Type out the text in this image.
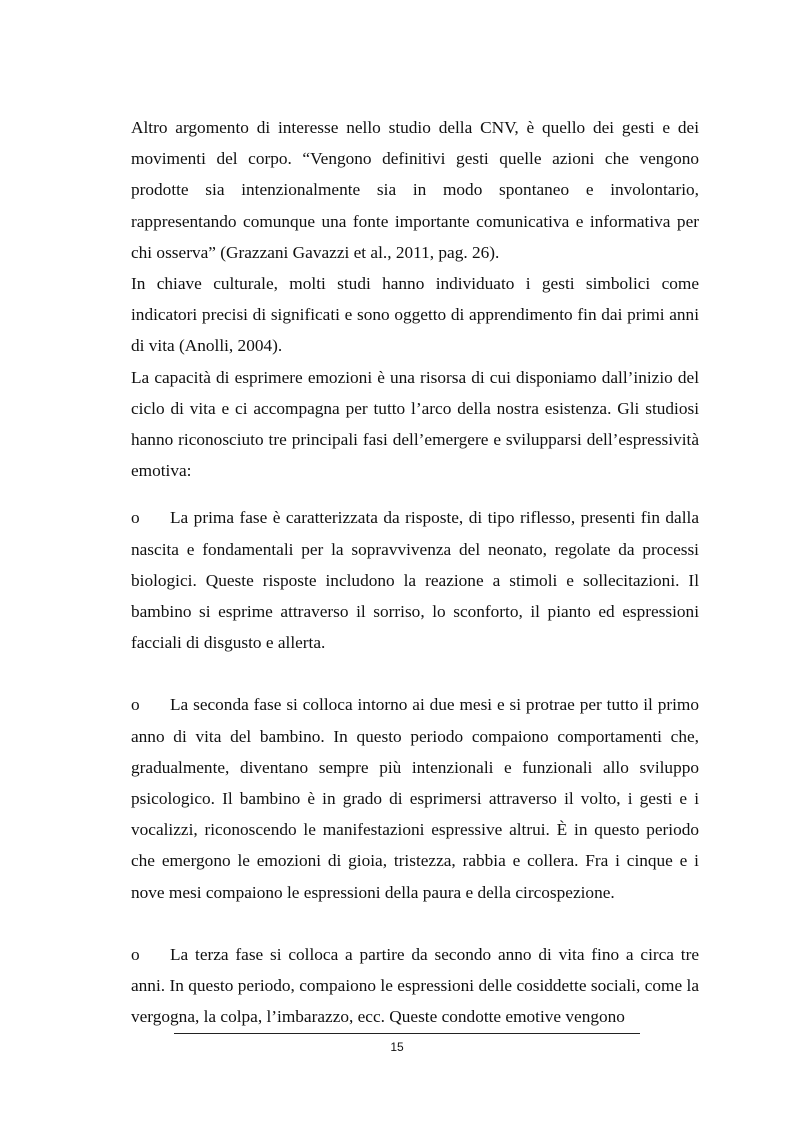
Altro argomento di interesse nello studio della CNV, è quello dei gesti e dei movimenti del corpo. “Vengono definitivi gesti quelle azioni che vengono prodotte sia intenzionalmente sia in modo spontaneo e involontario, rappresentando comunque una fonte importante comunicativa e informativa per chi osserva” (Grazzani Gavazzi et al., 2011, pag. 26).

In chiave culturale, molti studi hanno individuato i gesti simbolici come indicatori precisi di significati e sono oggetto di apprendimento fin dai primi anni di vita (Anolli, 2004).

La capacità di esprimere emozioni è una risorsa di cui disponiamo dall’inizio del ciclo di vita e ci accompagna per tutto l’arco della nostra esistenza. Gli studiosi hanno riconosciuto tre principali fasi dell’emergere e svilupparsi dell’espressività emotiva:

o La prima fase è caratterizzata da risposte, di tipo riflesso, presenti fin dalla nascita e fondamentali per la sopravvivenza del neonato, regolate da processi biologici. Queste risposte includono la reazione a stimoli e sollecitazioni. Il bambino si esprime attraverso il sorriso, lo sconforto, il pianto ed espressioni facciali di disgusto e allerta.

o La seconda fase si colloca intorno ai due mesi e si protrae per tutto il primo anno di vita del bambino. In questo periodo compaiono comportamenti che, gradualmente, diventano sempre più intenzionali e funzionali allo sviluppo psicologico. Il bambino è in grado di esprimersi attraverso il volto, i gesti e i vocalizzi, riconoscendo le manifestazioni espressive altrui. È in questo periodo che emergono le emozioni di gioia, tristezza, rabbia e collera. Fra i cinque e i nove mesi compaiono le espressioni della paura e della circospezione.

o La terza fase si colloca a partire da secondo anno di vita fino a circa tre anni. In questo periodo, compaiono le espressioni delle cosiddette sociali, come la vergogna, la colpa, l’imbarazzo, ecc. Queste condotte emotive vengono

15
